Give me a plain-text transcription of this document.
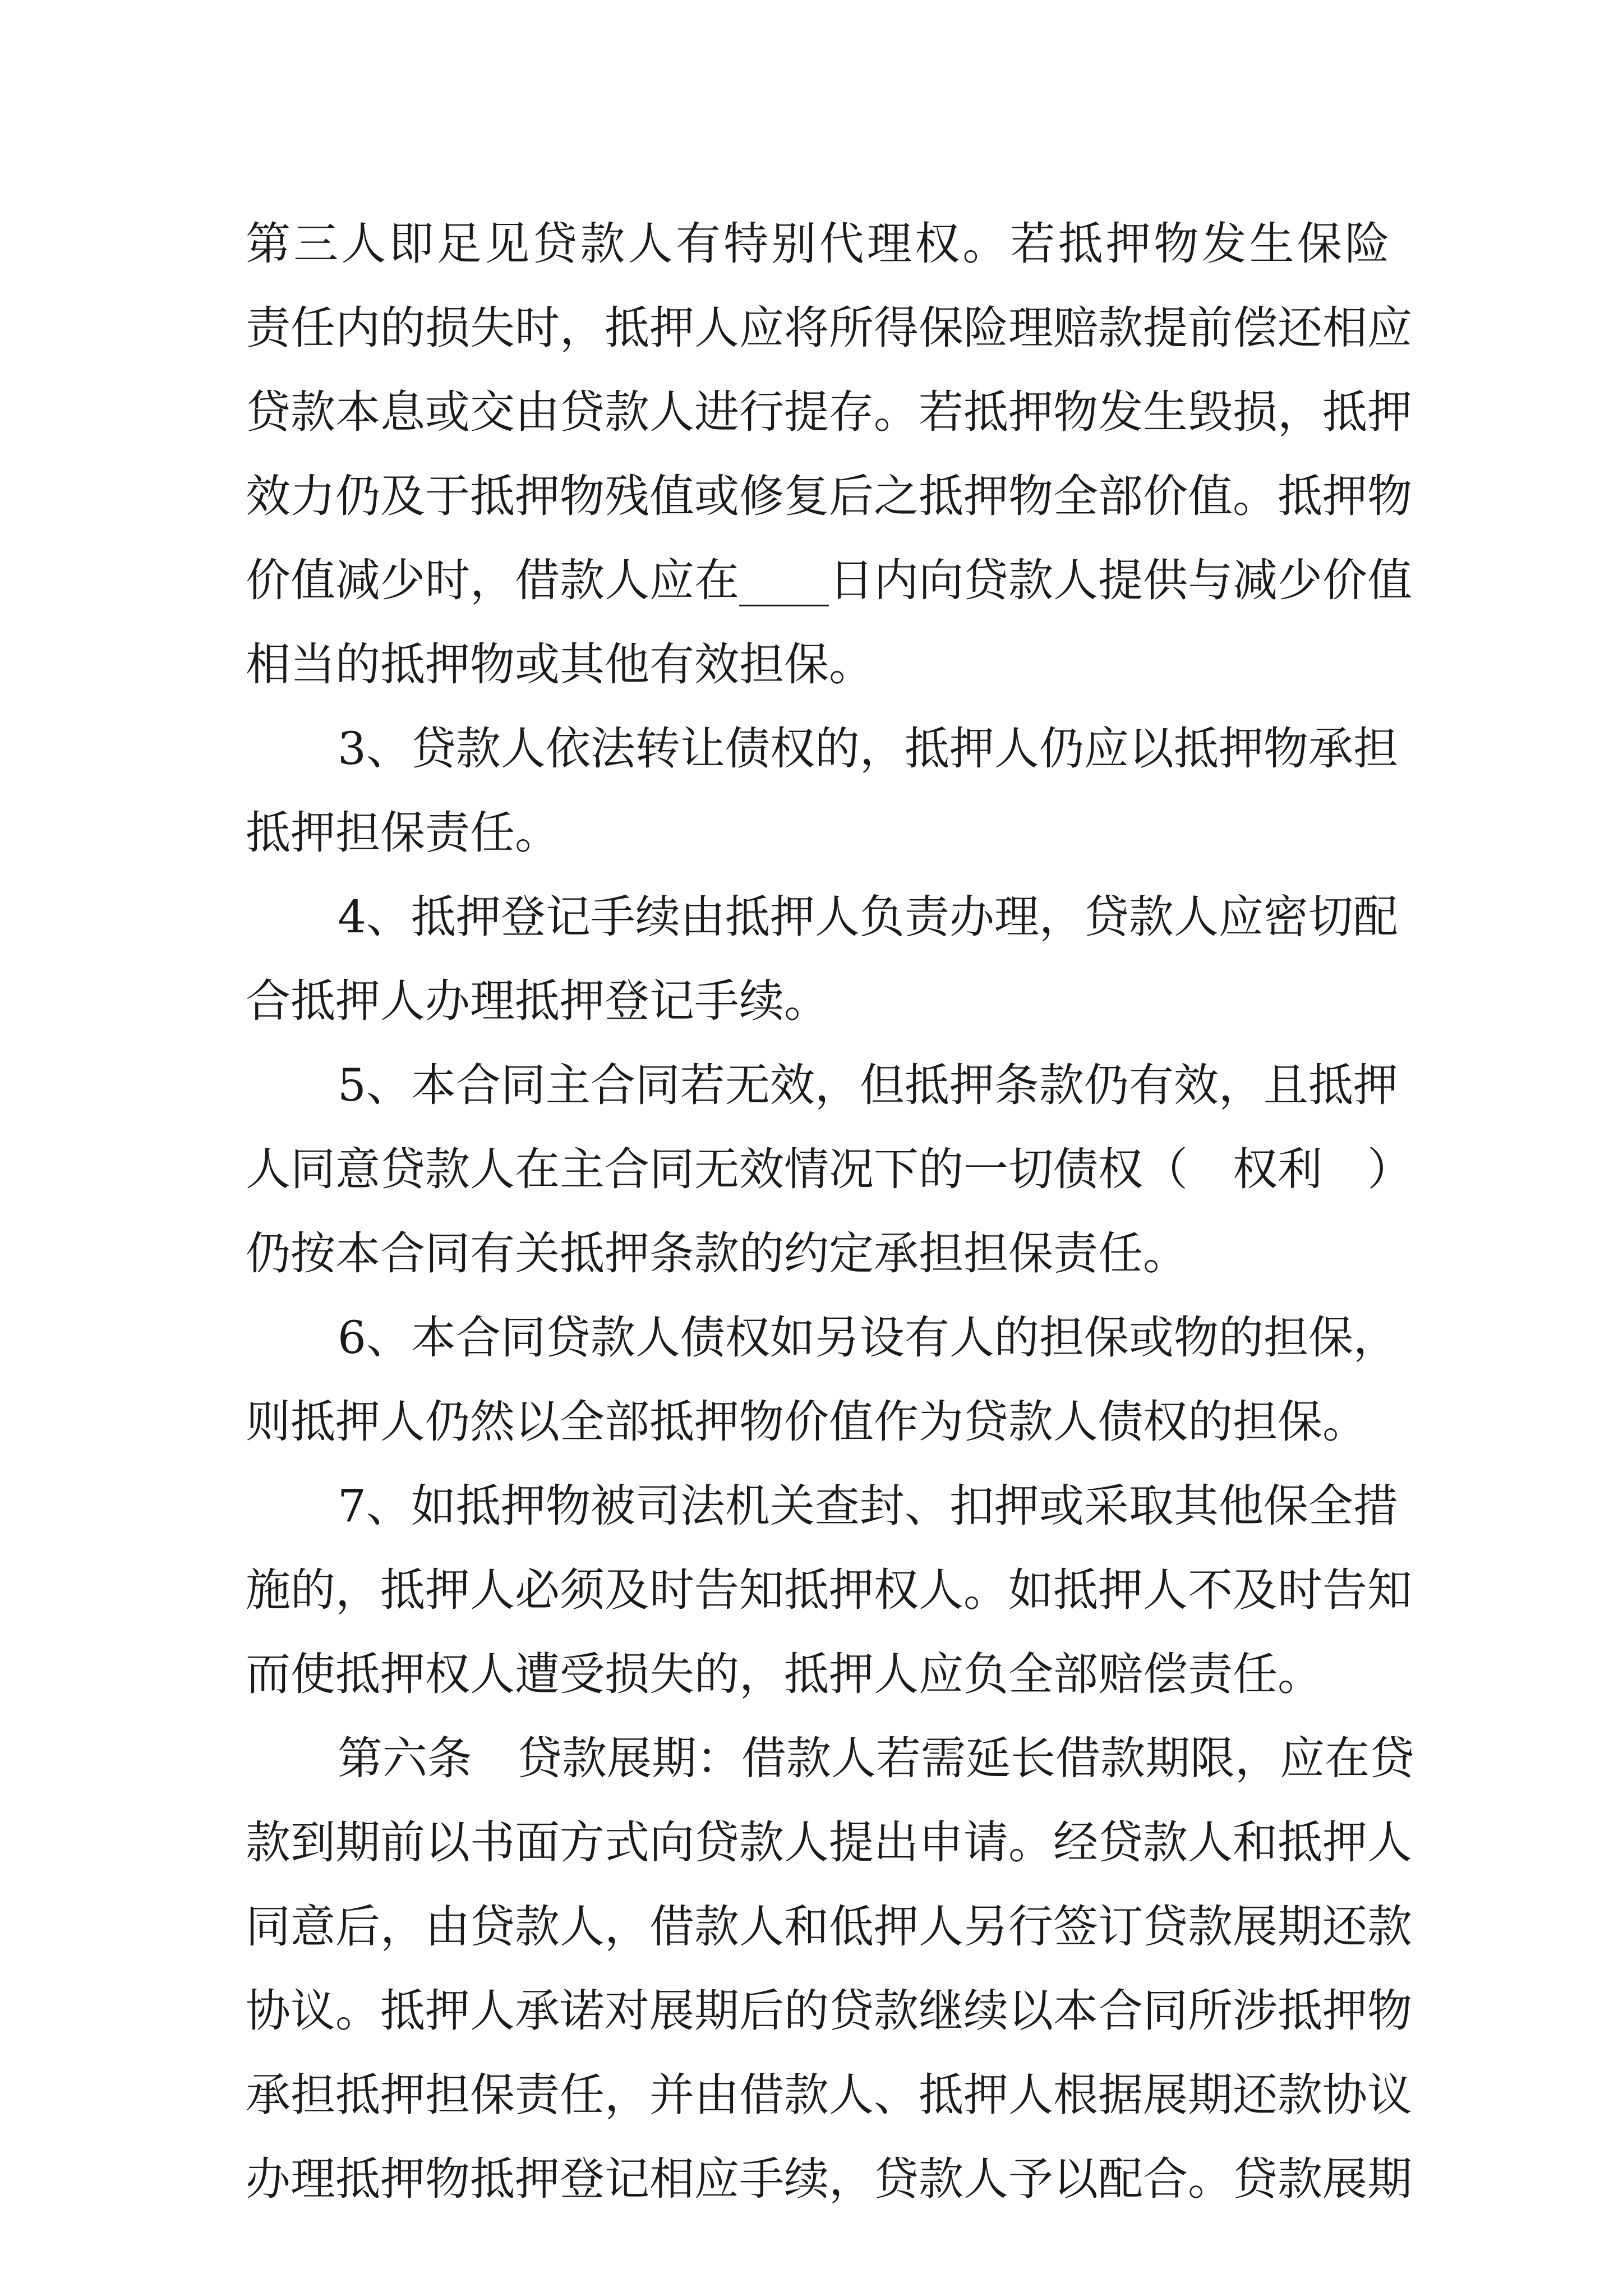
第三人即足见贷款人有特别代理权。若抵押物发生保险
责任内的损失时，抵押人应将所得保险理赔款提前偿还相应
贷款本息或交由贷款人进行提存。若抵押物发生毁损，抵押
效力仍及于抵押物残值或修复后之抵押物全部价值。抵押物
价值减少时，借款人应在____日内向贷款人提供与减少价值
相当的抵押物或其他有效担保。
3、贷款人依法转让债权的，抵押人仍应以抵押物承担
抵押担保责任。
4、抵押登记手续由抵押人负责办理，贷款人应密切配
合抵押人办理抵押登记手续。
5、本合同主合同若无效，但抵押条款仍有效，且抵押
人同意贷款人在主合同无效情况下的一切债权（　权利　）
仍按本合同有关抵押条款的约定承担担保责任。
6、本合同贷款人债权如另设有人的担保或物的担保，
则抵押人仍然以全部抵押物价值作为贷款人债权的担保。
7、如抵押物被司法机关查封、扣押或采取其他保全措
施的，抵押人必须及时告知抵押权人。如抵押人不及时告知
而使抵押权人遭受损失的，抵押人应负全部赔偿责任。
第六条　贷款展期：借款人若需延长借款期限，应在贷
款到期前以书面方式向贷款人提出申请。经贷款人和抵押人
同意后，由贷款人，借款人和低押人另行签订贷款展期还款
协议。抵押人承诺对展期后的贷款继续以本合同所涉抵押物
承担抵押担保责任，并由借款人、抵押人根据展期还款协议
办理抵押物抵押登记相应手续，贷款人予以配合。贷款展期
